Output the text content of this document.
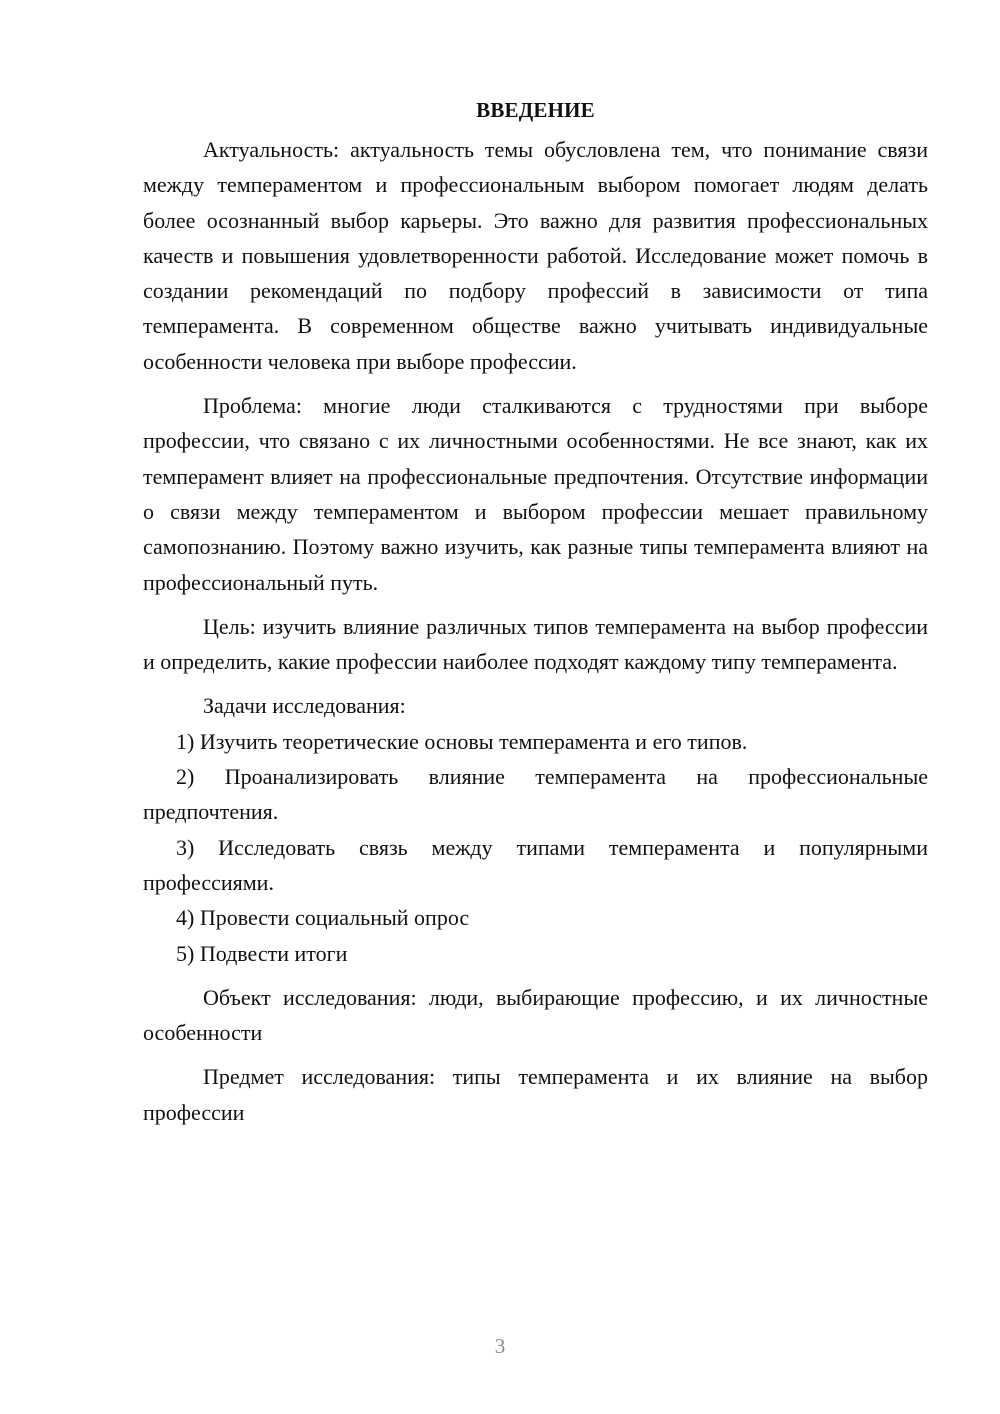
ВВЕДЕНИЕ

Актуальность: актуальность темы обусловлена тем, что понимание связи между темпераментом и профессиональным выбором помогает людям делать более осознанный выбор карьеры. Это важно для развития профессиональных качеств и повышения удовлетворенности работой. Исследование может помочь в создании рекомендаций по подбору профессий в зависимости от типа темперамента. В современном обществе важно учитывать индивидуальные особенности человека при выборе профессии.

Проблема: многие люди сталкиваются с трудностями при выборе профессии, что связано с их личностными особенностями. Не все знают, как их темперамент влияет на профессиональные предпочтения. Отсутствие информации о связи между темпераментом и выбором профессии мешает правильному самопознанию. Поэтому важно изучить, как разные типы темперамента влияют на профессиональный путь.

Цель: изучить влияние различных типов темперамента на выбор профессии и определить, какие профессии наиболее подходят каждому типу темперамента.

Задачи исследования:

1) Изучить теоретические основы темперамента и его типов.

2) Проанализировать влияние темперамента на профессиональные предпочтения.

3) Исследовать связь между типами темперамента и популярными профессиями.

4) Провести социальный опрос

5) Подвести итоги

Объект исследования: люди, выбирающие профессию, и их личностные особенности

Предмет исследования: типы темперамента и их влияние на выбор профессии

3
